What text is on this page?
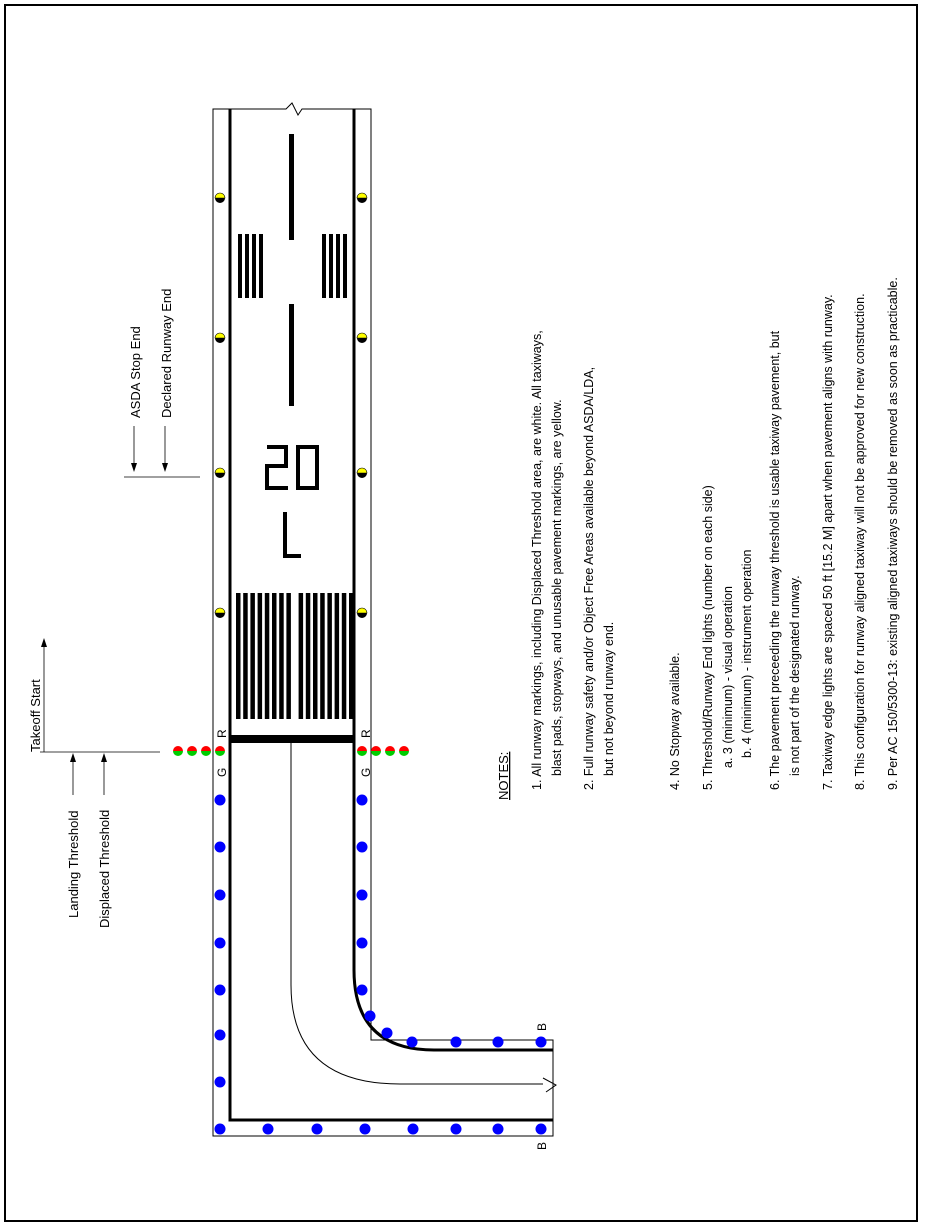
20
L
R
G
R
G
B
B
Takeoff Start
Landing Threshold Displaced Threshold
ASDA Stop End Declared Runway End
NOTES: 1. All runway markings, including Displaced Threshold area, are white. All taxiways, blast pads, stopways, and unusable pavement markings, are yellow. 2. Full runway safety and/or Object Free Areas available beyond ASDA/LDA, but not beyond runway end.	4. No Stopway available. 5. Threshold/Runway End lights (number on each side) a. 3 (minimum) - visual operation b. 4 (minimum) - instrument operation 6. The pavement preceeding the runway threshold is usable taxiway pavement, but is not part of the designated runway. 7. Taxiway edge lights are spaced 50 ft [15.2 M] apart when pavement aligns with runway. 8. This configuration for runway aligned taxiway will not be approved for new construction. 9. Per AC 150/5300-13: existing aligned taxiways should be removed as soon as practicable.
